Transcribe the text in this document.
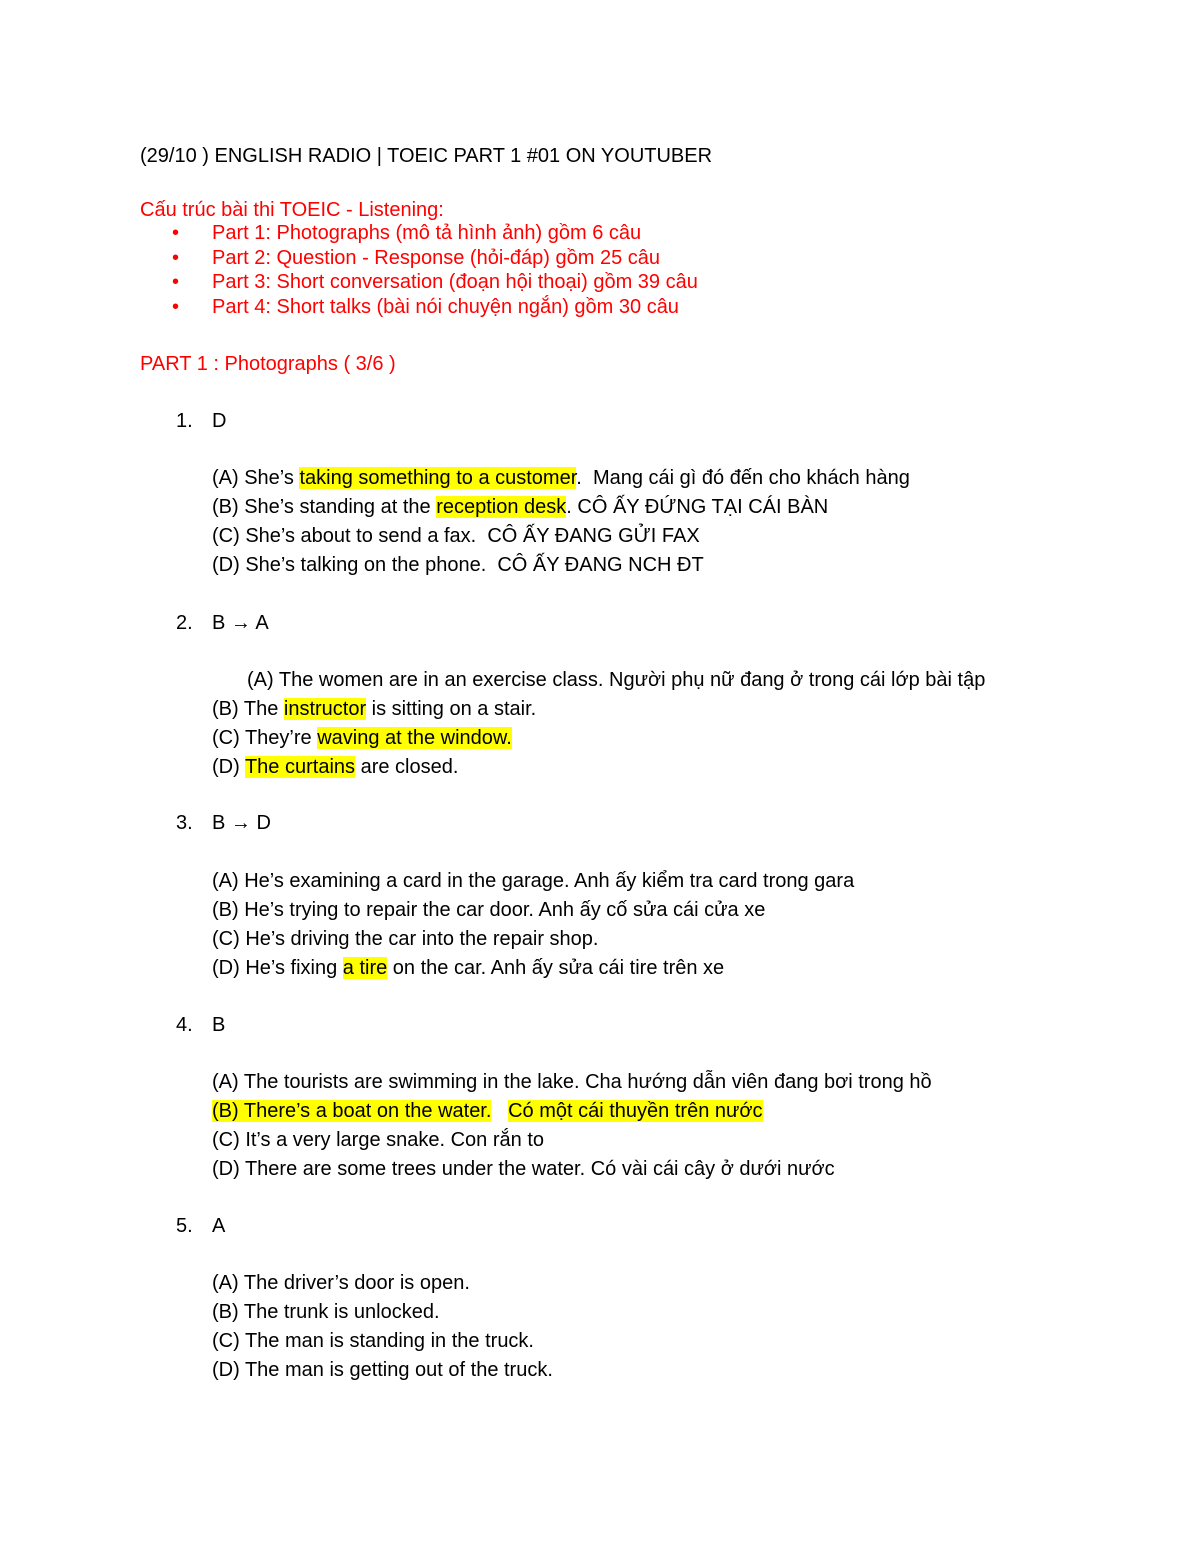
(29/10 ) ENGLISH RADIO | TOEIC PART 1 #01 ON YOUTUBER
Cấu trúc bài thi TOEIC - Listening:
• Part 1: Photographs (mô tả hình ảnh) gồm 6 câu
• Part 2: Question - Response (hỏi-đáp) gồm 25 câu
• Part 3: Short conversation (đoạn hội thoại) gồm 39 câu
• Part 4: Short talks (bài nói chuyện ngắn) gồm 30 câu
PART 1 : Photographs ( 3/6 )
1. D
(A) She’s taking something to a customer.  Mang cái gì đó đến cho khách hàng
(B) She’s standing at the reception desk. CÔ ẤY ĐỨNG TẠI CÁI BÀN
(C) She’s about to send a fax.  CÔ ẤY ĐANG GỬI FAX
(D) She’s talking on the phone.  CÔ ẤY ĐANG NCH ĐT
2. B → A
(A) The women are in an exercise class. Người phụ nữ đang ở trong cái lớp bài tập
(B) The instructor is sitting on a stair.
(C) They’re waving at the window.
(D) The curtains are closed.
3. B → D
(A) He’s examining a card in the garage. Anh ấy kiểm tra card trong gara
(B) He’s trying to repair the car door. Anh ấy cố sửa cái cửa xe
(C) He’s driving the car into the repair shop.
(D) He’s fixing a tire on the car. Anh ấy sửa cái tire trên xe
4. B
(A) The tourists are swimming in the lake. Cha hướng dẫn viên đang bơi trong hồ
(B) There’s a boat on the water. Có một cái thuyền trên nước
(C) It’s a very large snake. Con rắn to
(D) There are some trees under the water. Có vài cái cây ở dưới nước
5. A
(A) The driver’s door is open.
(B) The trunk is unlocked.
(C) The man is standing in the truck.
(D) The man is getting out of the truck.
